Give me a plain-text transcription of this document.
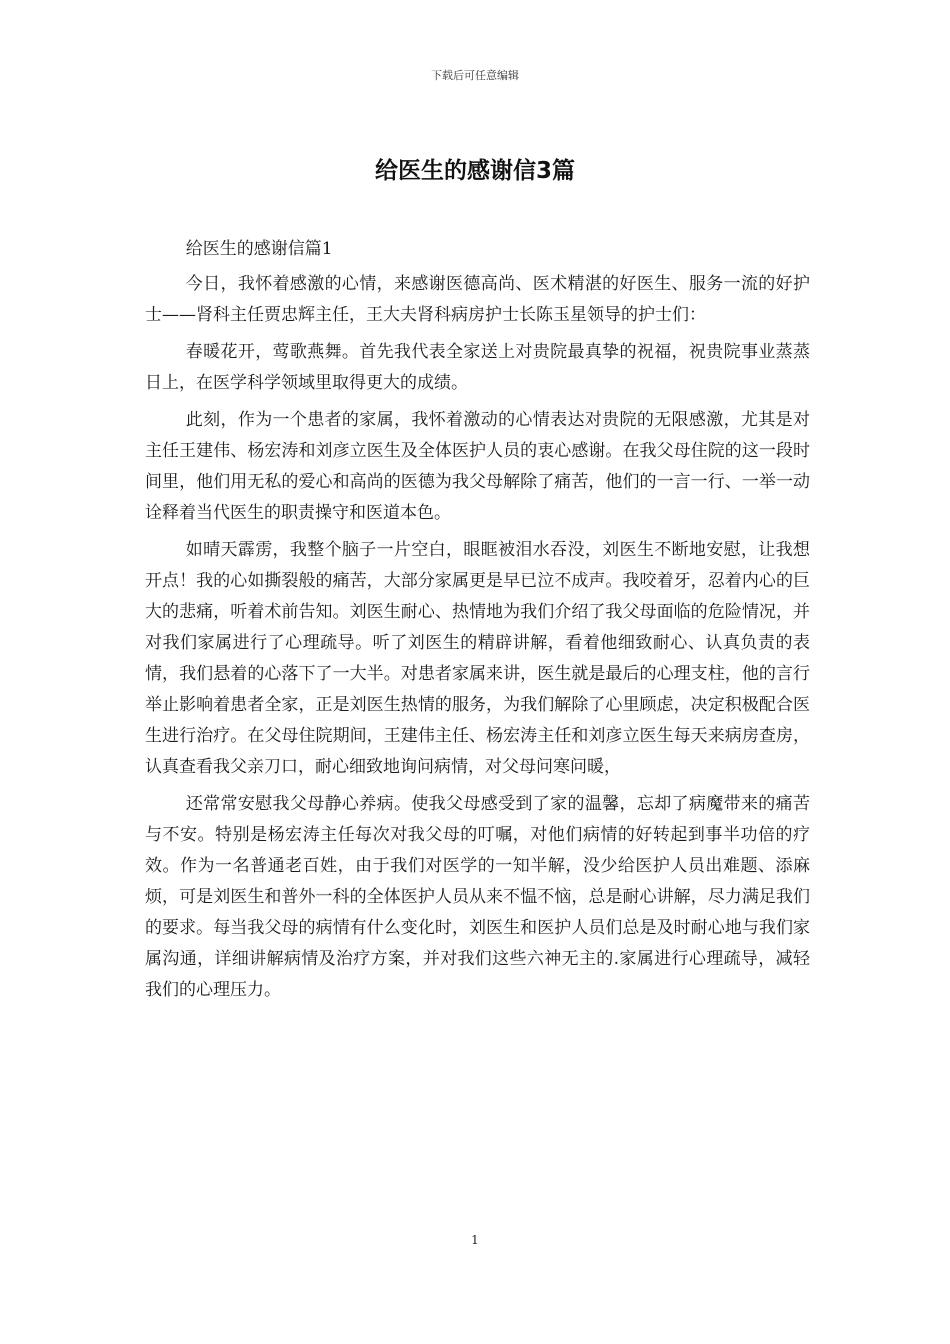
下载后可任意编辑
给医生的感谢信3篇

给医生的感谢信篇1

今日，我怀着感激的心情，来感谢医德高尚、医术精湛的好医生、服务一流的好护士——肾科主任贾忠辉主任，王大夫肾科病房护士长陈玉星领导的护士们：

春暖花开，莺歌燕舞。首先我代表全家送上对贵院最真挚的祝福，祝贵院事业蒸蒸日上，在医学科学领域里取得更大的成绩。

此刻，作为一个患者的家属，我怀着激动的心情表达对贵院的无限感激，尤其是对主任王建伟、杨宏涛和刘彦立医生及全体医护人员的衷心感谢。在我父母住院的这一段时间里，他们用无私的爱心和高尚的医德为我父母解除了痛苦，他们的一言一行、一举一动诠释着当代医生的职责操守和医道本色。

如晴天霹雳，我整个脑子一片空白，眼眶被泪水吞没，刘医生不断地安慰，让我想开点！我的心如撕裂般的痛苦，大部分家属更是早已泣不成声。我咬着牙，忍着内心的巨大的悲痛，听着术前告知。刘医生耐心、热情地为我们介绍了我父母面临的危险情况，并对我们家属进行了心理疏导。听了刘医生的精辟讲解，看着他细致耐心、认真负责的表情，我们悬着的心落下了一大半。对患者家属来讲，医生就是最后的心理支柱，他的言行举止影响着患者全家，正是刘医生热情的服务，为我们解除了心里顾虑，决定积极配合医生进行治疗。在父母住院期间，王建伟主任、杨宏涛主任和刘彦立医生每天来病房查房，认真查看我父亲刀口，耐心细致地询问病情，对父母问寒问暖，

还常常安慰我父母静心养病。使我父母感受到了家的温馨，忘却了病魔带来的痛苦与不安。特别是杨宏涛主任每次对我父母的叮嘱，对他们病情的好转起到事半功倍的疗效。作为一名普通老百姓，由于我们对医学的一知半解，没少给医护人员出难题、添麻烦，可是刘医生和普外一科的全体医护人员从来不愠不恼，总是耐心讲解，尽力满足我们的要求。每当我父母的病情有什么变化时，刘医生和医护人员们总是及时耐心地与我们家属沟通，详细讲解病情及治疗方案，并对我们这些六神无主的.家属进行心理疏导，减轻我们的心理压力。

1
